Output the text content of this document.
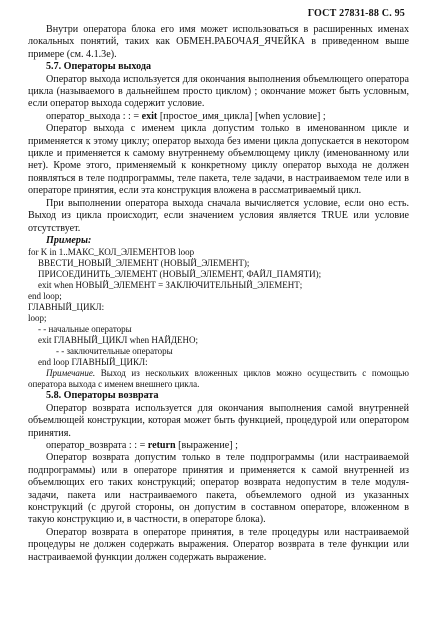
ГОСТ 27831-88 С. 95

Внутри оператора блока его имя может использоваться в расширенных именах локальных понятий, таких как ОБМЕН.РАБОЧАЯ_ЯЧЕЙКА в приведенном выше примере (см. 4.1.3е).

5.7. Операторы выхода

Оператор выхода используется для окончания выполнения объемлющего оператора цикла (называемого в дальнейшем просто циклом) ; окончание может быть условным, если оператор выхода содержит условие.

оператор_выхода : : = exit [простое_имя_цикла] [when условие] ;

Оператор выхода с именем цикла допустим только в именованном цикле и применяется к этому циклу; оператор выхода без имени цикла допускается в некотором цикле и применяется к самому внутреннему объемлющему циклу (именованному или нет). Кроме этого, применяемый к конкретному циклу оператор выхода не должен появляться в теле подпрограммы, теле пакета, теле задачи, в настраиваемом теле или в операторе принятия, если эта конструкция вложена в рассматриваемый цикл.

При выполнении оператора выхода сначала вычисляется условие, если оно есть. Выход из цикла происходит, если значением условия является TRUE или условие отсутствует.

Примеры:

for K in 1..МАКС_КОЛ_ЭЛЕМЕНТОВ loop
ВВЕСТИ_НОВЫЙ_ЭЛЕМЕНТ (НОВЫЙ_ЭЛЕМЕНТ);
ПРИСОЕДИНИТЬ_ЭЛЕМЕНТ (НОВЫЙ_ЭЛЕМЕНТ, ФАЙЛ_ПАМЯТИ);
exit when НОВЫЙ_ЭЛЕМЕНТ = ЗАКЛЮЧИТЕЛЬНЫЙ_ЭЛЕМЕНТ;
end loop;
ГЛАВНЫЙ_ЦИКЛ:
loop;
- - начальные операторы
exit ГЛАВНЫЙ_ЦИКЛ when НАЙДЕНО;
- - заключительные операторы
end loop ГЛАВНЫЙ_ЦИКЛ:

Примечание. Выход из нескольких вложенных циклов можно осуществить с помощью оператора выхода с именем внешнего цикла.

5.8. Операторы возврата

Оператор возврата используется для окончания выполнения самой внутренней объемлющей конструкции, которая может быть функцией, процедурой или оператором принятия.

оператор_возврата : : = return [выражение] ;

Оператор возврата допустим только в теле подпрограммы (или настраиваемой подпрограммы) или в операторе принятия и применяется к самой внутренней из объемлющих его таких конструкций; оператор возврата недопустим в теле модуля-задачи, пакета или настраиваемого пакета, объемлемого одной из указанных конструкций (с другой стороны, он допустим в составном операторе, вложенном в такую конструкцию и, в частности, в операторе блока).

Оператор возврата в операторе принятия, в теле процедуры или настраиваемой процедуры не должен содержать выражения. Оператор возврата в теле функции или настраиваемой функции должен содержать выражение.
